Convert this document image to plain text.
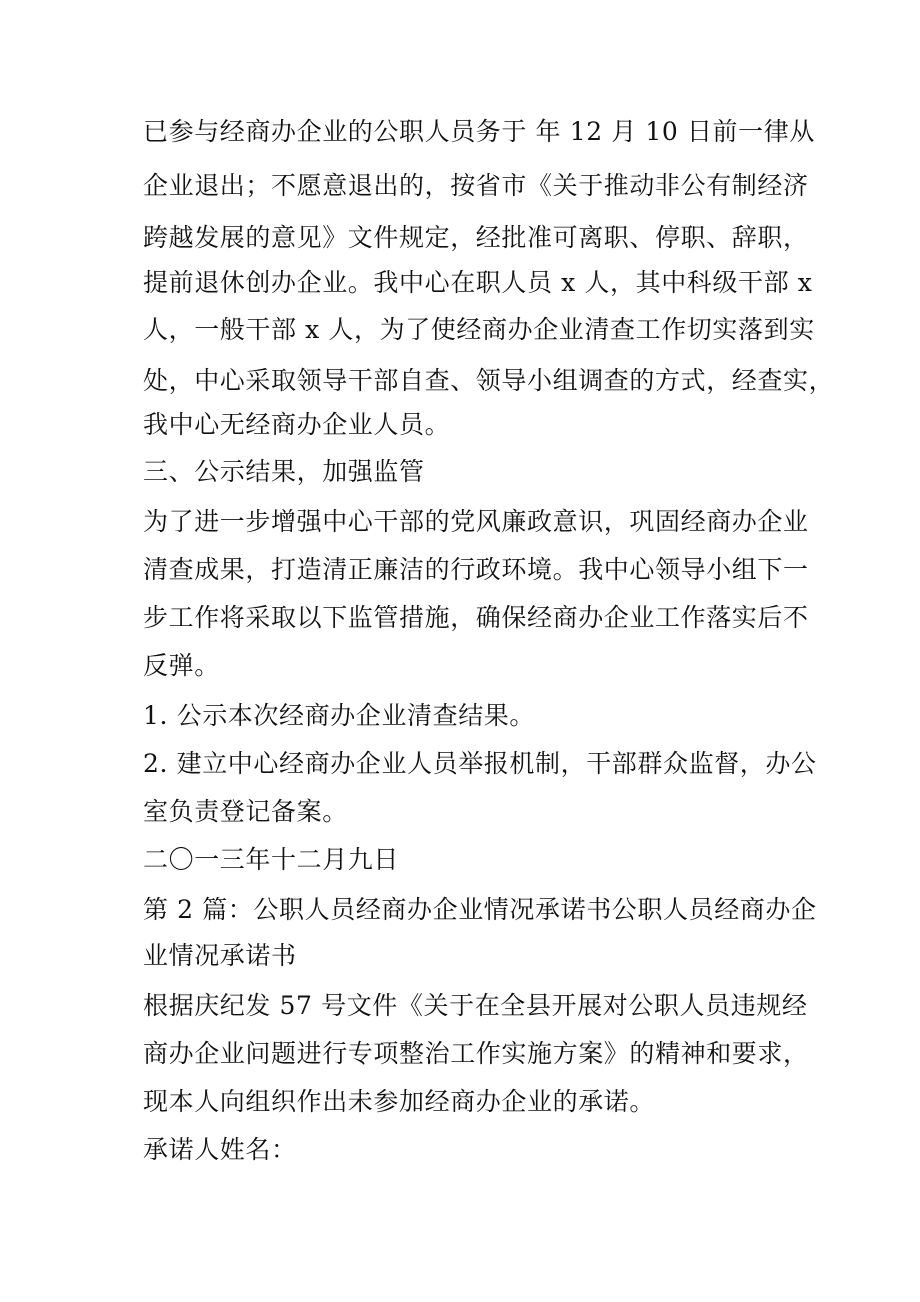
已参与经商办企业的公职人员务于 年 12 月 10 日前一律从
企业退出；不愿意退出的，按省市《关于推动非公有制经济
跨越发展的意见》文件规定，经批准可离职、停职、辞职，
提前退休创办企业。我中心在职人员 x 人，其中科级干部 x
人，一般干部 x 人，为了使经商办企业清查工作切实落到实
处，中心采取领导干部自查、领导小组调查的方式，经查实，
我中心无经商办企业人员。
三、公示结果，加强监管
为了进一步增强中心干部的党风廉政意识，巩固经商办企业
清查成果，打造清正廉洁的行政环境。我中心领导小组下一
步工作将采取以下监管措施，确保经商办企业工作落实后不
反弹。
1. 公示本次经商办企业清查结果。
2. 建立中心经商办企业人员举报机制，干部群众监督，办公
室负责登记备案。
二〇一三年十二月九日
第 2 篇：公职人员经商办企业情况承诺书公职人员经商办企
业情况承诺书
根据庆纪发 57 号文件《关于在全县开展对公职人员违规经
商办企业问题进行专项整治工作实施方案》的精神和要求，
现本人向组织作出未参加经商办企业的承诺。
承诺人姓名：
